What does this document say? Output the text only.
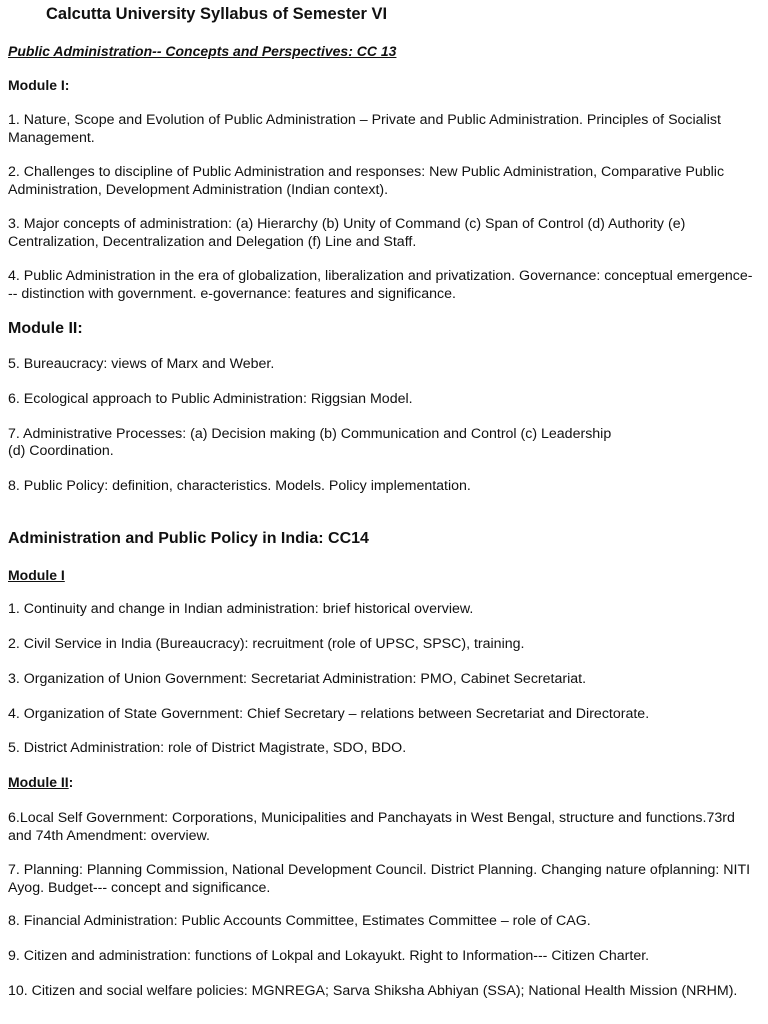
Calcutta University Syllabus of Semester VI
Public Administration-- Concepts and Perspectives: CC 13
Module I:
1. Nature, Scope and Evolution of Public Administration – Private and Public Administration. Principles of Socialist Management.
2. Challenges to discipline of Public Administration and responses: New Public Administration, Comparative Public Administration, Development Administration (Indian context).
3. Major concepts of administration: (a) Hierarchy (b) Unity of Command (c) Span of Control (d) Authority (e) Centralization, Decentralization and Delegation (f) Line and Staff.
4. Public Administration in the era of globalization, liberalization and privatization. Governance: conceptual emergence--- distinction with government. e-governance: features and significance.
Module II:
5. Bureaucracy: views of Marx and Weber.
6. Ecological approach to Public Administration: Riggsian Model.
7. Administrative Processes: (a) Decision making (b) Communication and Control (c) Leadership
(d) Coordination.
8. Public Policy: definition, characteristics. Models. Policy implementation.
Administration and Public Policy in India: CC14
Module I
1. Continuity and change in Indian administration: brief historical overview.
2. Civil Service in India (Bureaucracy): recruitment (role of UPSC, SPSC), training.
3. Organization of Union Government: Secretariat Administration: PMO, Cabinet Secretariat.
4. Organization of State Government: Chief Secretary – relations between Secretariat and Directorate.
5. District Administration: role of District Magistrate, SDO, BDO.
Module II:
6.Local Self Government: Corporations, Municipalities and Panchayats in West Bengal, structure and functions.73rd and 74th Amendment: overview.
7. Planning: Planning Commission, National Development Council. District Planning. Changing nature ofplanning: NITI Ayog. Budget--- concept and significance.
8. Financial Administration: Public Accounts Committee, Estimates Committee – role of CAG.
9. Citizen and administration: functions of Lokpal and Lokayukt. Right to Information--- Citizen Charter.
10. Citizen and social welfare policies: MGNREGA; Sarva Shiksha Abhiyan (SSA); National Health Mission (NRHM).
